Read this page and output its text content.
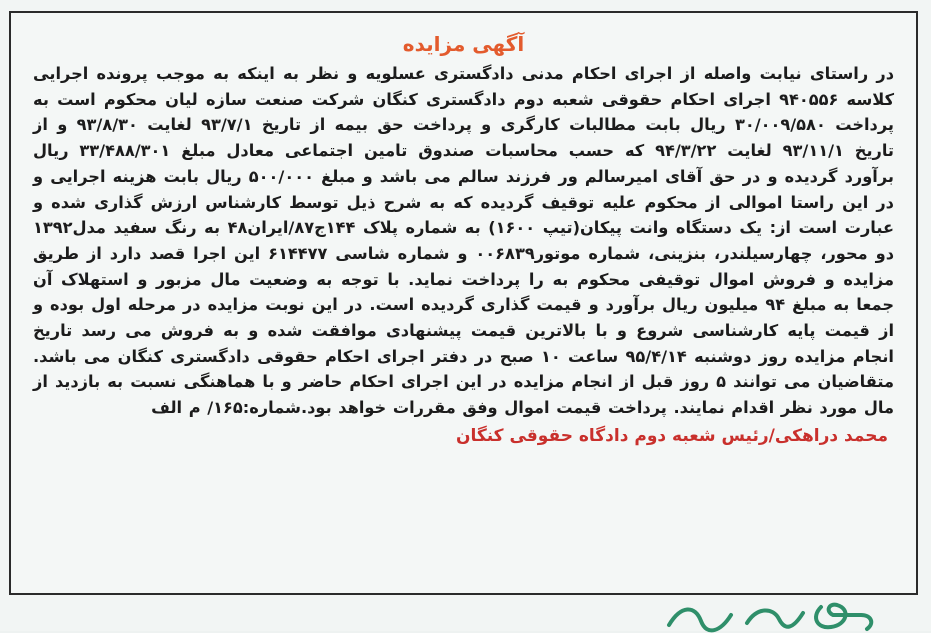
آگهی مزایده

در راستای نیابت واصله از اجرای احکام مدنی دادگستری عسلویه و نظر به اینکه به موجب پرونده اجرایی کلاسه ۹۴۰۵۵۶ اجرای احکام حقوقی شعبه دوم دادگستری کنگان شرکت صنعت سازه لیان محکوم است به پرداخت ۳۰/۰۰۹/۵۸۰ ریال بابت مطالبات کارگری و پرداخت حق بیمه از تاریخ ۹۳/۷/۱ لغایت ۹۳/۸/۳۰ و از تاریخ ۹۳/۱۱/۱ لغایت ۹۴/۳/۲۲ که حسب محاسبات صندوق تامین اجتماعی معادل مبلغ ۳۳/۴۸۸/۳۰۱ ریال برآورد گردیده و در حق آقای امیرسالم ور فرزند سالم می باشد و مبلغ ۵۰۰/۰۰۰ ریال بابت هزینه اجرایی و در این راستا اموالی از محکوم علیه توقیف گردیده که به شرح ذیل توسط کارشناس ارزش گذاری شده و عبارت است از: یک دستگاه وانت پیکان(تیپ ۱۶۰۰) به شماره پلاک ۱۴۴ج۸۷/ایران۴۸ به رنگ سفید مدل۱۳۹۲ دو محور، چهارسیلندر، بنزینی، شماره موتور۰۰۶۸۳۹ و شماره شاسی ۶۱۴۴۷۷ این اجرا قصد دارد از طریق مزایده و فروش اموال توقیفی محکوم به را پرداخت نماید. با توجه به وضعیت مال مزبور و استهلاک آن جمعا به مبلغ ۹۴ میلیون ریال برآورد و قیمت گذاری گردیده است. در این نوبت مزایده در مرحله اول بوده و از قیمت پایه کارشناسی شروع و با بالاترین قیمت پیشنهادی موافقت شده و به فروش می رسد تاریخ انجام مزایده روز دوشنبه ۹۵/۴/۱۴ ساعت ۱۰ صبح در دفتر اجرای احکام حقوقی دادگستری کنگان می باشد. متقاضیان می توانند ۵ روز قبل از انجام مزایده در این اجرای احکام حاضر و با هماهنگی نسبت به بازدید از مال مورد نظر اقدام نمایند. پرداخت قیمت اموال وفق مقررات خواهد بود.شماره:۱۶۵/ م الف

محمد دراهکی/رئیس شعبه دوم دادگاه حقوقی کنگان
